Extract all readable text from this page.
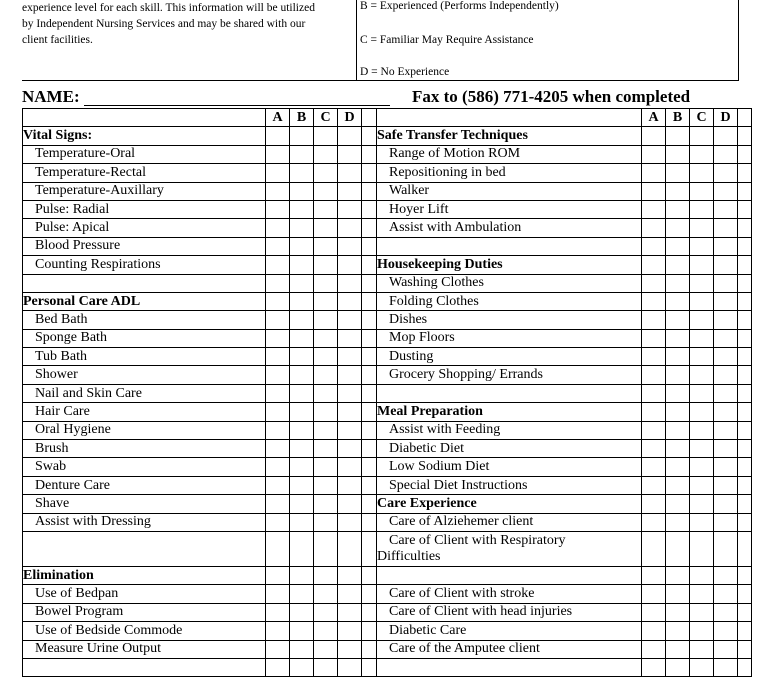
experience level for each skill. This information will be utilized
by Independent Nursing Services and may be shared with our
client facilities.
B = Experienced (Performs Independently)
C = Familiar May Require Assistance
D = No Experience
NAME:	Fax to (586) 771-4205 when completed
	A	B	C	D			A	B	C	D	
Vital Signs:						Safe Transfer Techniques					
Temperature-Oral						Range of Motion ROM					
Temperature-Rectal						Repositioning in bed					
Temperature-Auxillary						Walker					
Pulse: Radial						Hoyer Lift					
Pulse: Apical						Assist with Ambulation					
Blood Pressure											
Counting Respirations						Housekeeping Duties					
						Washing Clothes					
Personal Care ADL						Folding Clothes					
Bed Bath						Dishes					
Sponge Bath						Mop Floors					
Tub Bath						Dusting					
Shower						Grocery Shopping/ Errands					
Nail and Skin Care											
Hair Care						Meal Preparation					
Oral Hygiene						Assist with Feeding					
Brush						Diabetic Diet					
Swab						Low Sodium Diet					
Denture Care						Special Diet Instructions					
Shave						Care Experience					
Assist with Dressing						Care of Alziehemer client					

						Care of Client with Respiratory
Difficulties					

Elimination											
Use of Bedpan						Care of Client with stroke					
Bowel Program						Care of Client with head injuries					
Use of Bedside Commode						Diabetic Care					
Measure Urine Output						Care of the Amputee client					
